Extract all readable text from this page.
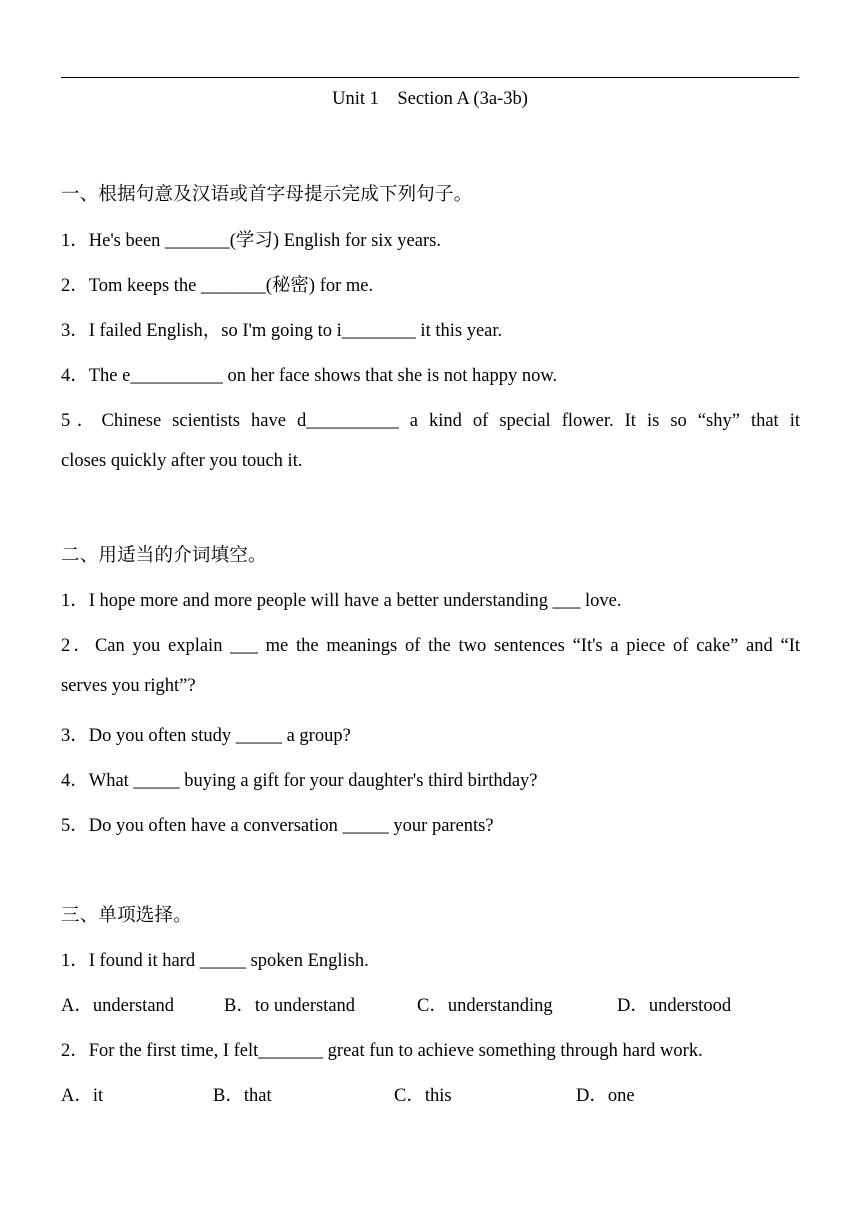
Unit 1    Section A (3a-3b)
一、根据句意及汉语或首字母提示完成下列句子。
1．He's been _______(学习) English for six years.
2．Tom keeps the _______(秘密) for me.
3．I failed English，so I'm going to i________ it this year.
4．The e__________ on her face shows that she is not happy now.
5．Chinese scientists have d__________ a kind of special flower. It is so “shy” that it
closes quickly after you touch it.
二、用适当的介词填空。
1．I hope more and more people will have a better understanding ___ love.
2．Can you explain ___ me the meanings of the two sentences “It's a piece of cake” and “It
serves you right”?
3．Do you often study _____ a group?
4．What _____ buying a gift for your daughter's third birthday?
5．Do you often have a conversation _____ your parents?
三、单项选择。
1．I found it hard _____ spoken English.
A．understand	B．to understand	C．understanding	D．understood
2．For the first time, I felt_______ great fun to achieve something through hard work.
A．it	B．that	C．this	D．one
